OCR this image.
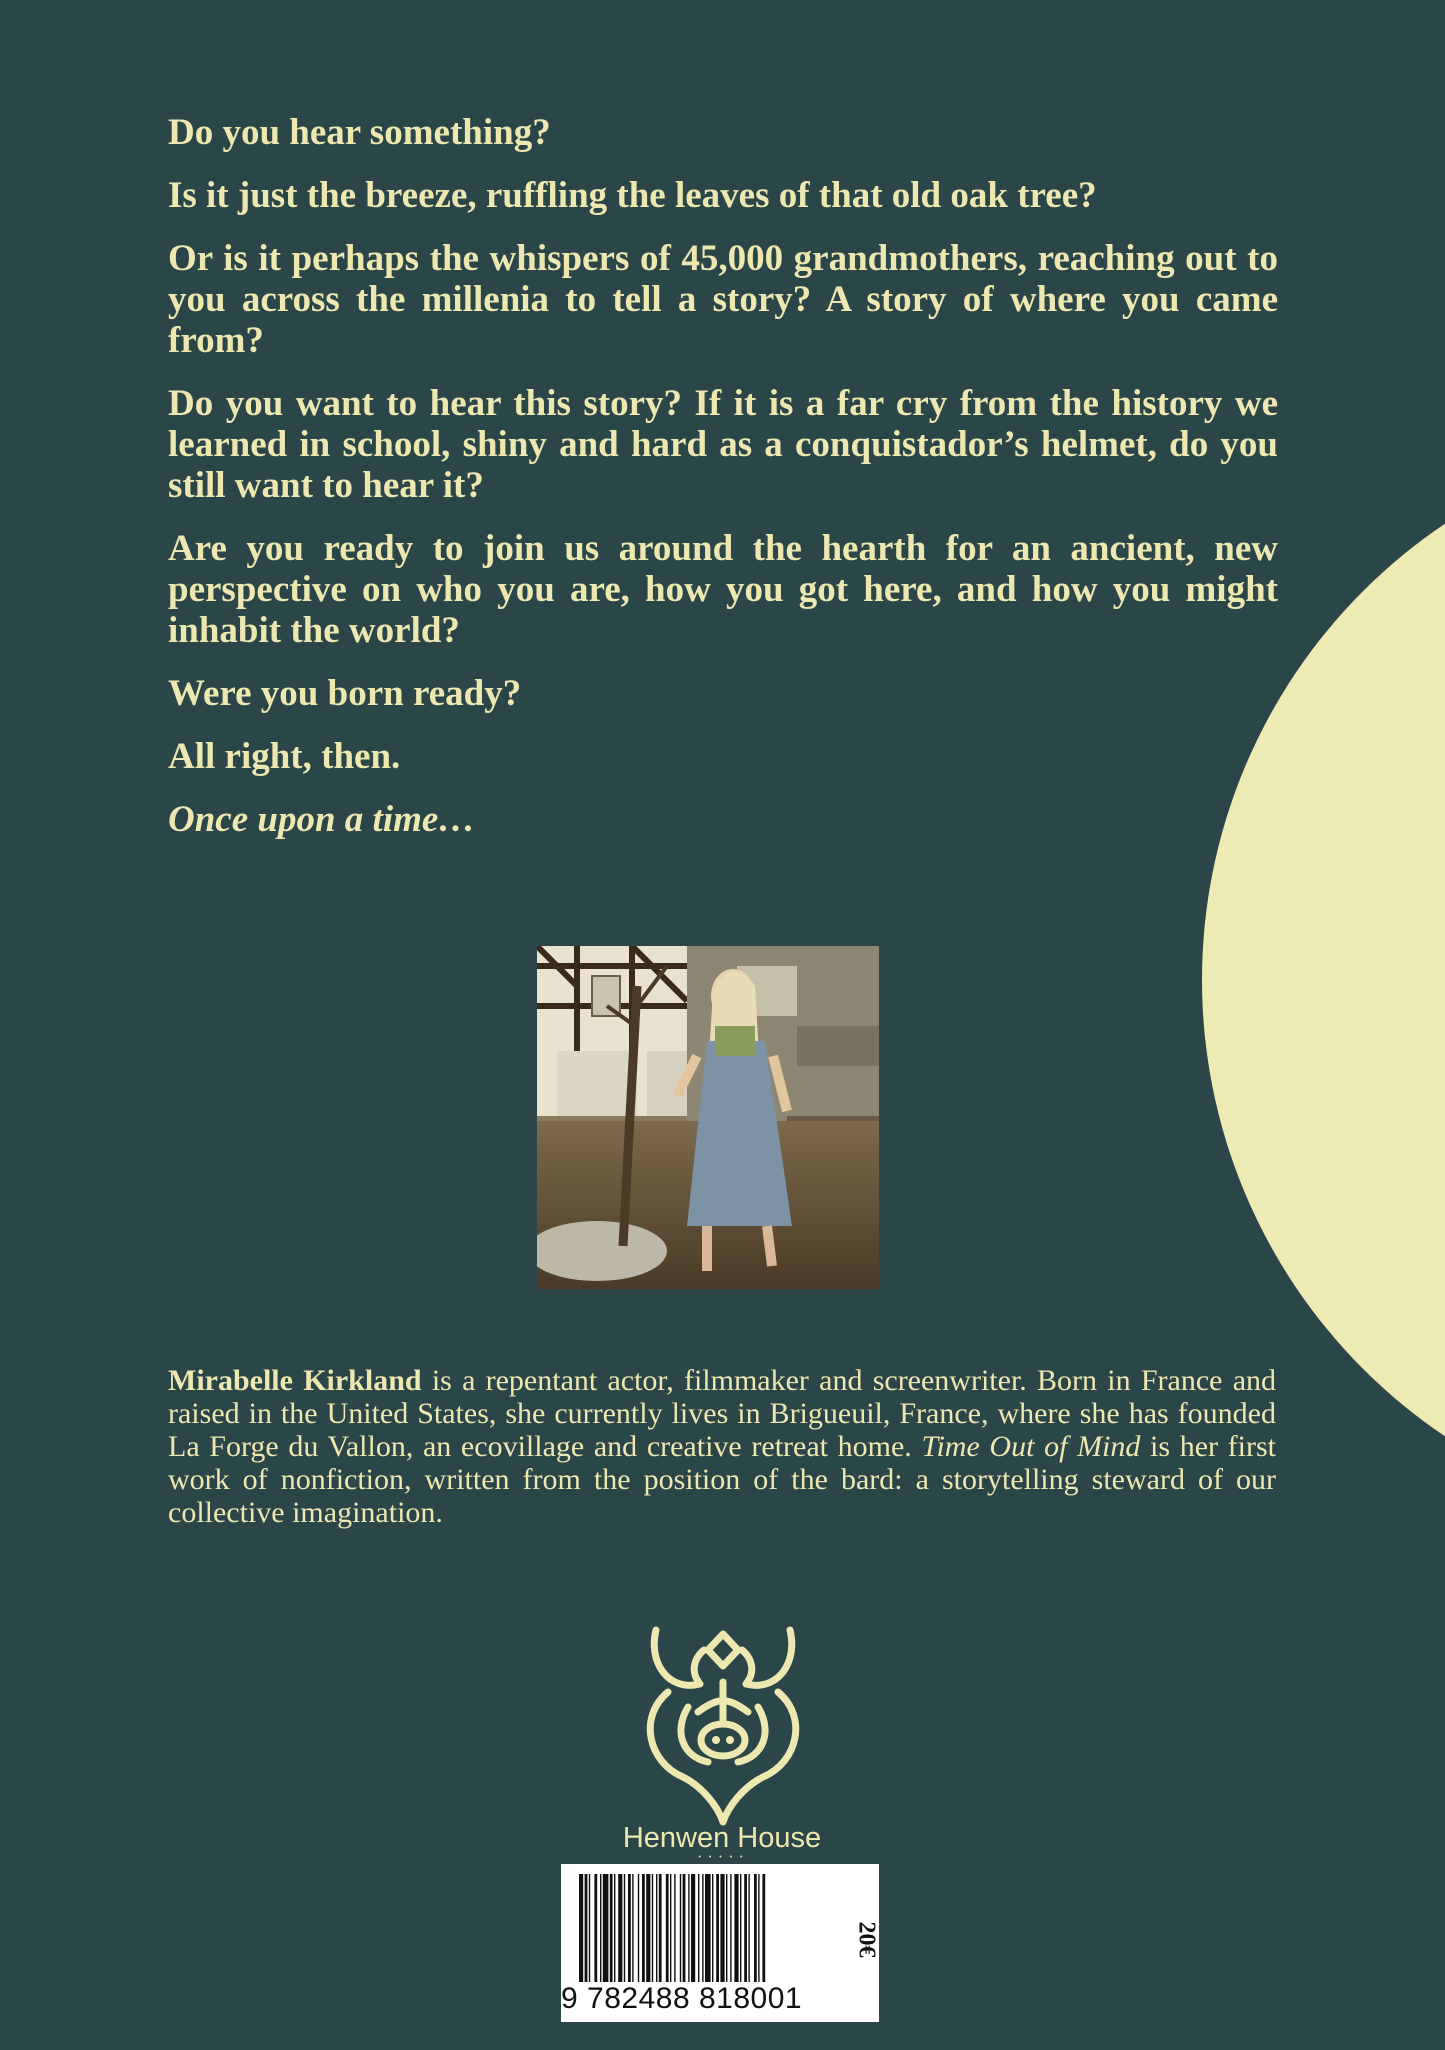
Do you hear something?

Is it just the breeze, ruffling the leaves of that old oak tree?

Or is it perhaps the whispers of 45,000 grandmothers, reaching out to you across the millenia to tell a story? A story of where you came from?

Do you want to hear this story? If it is a far cry from the history we learned in school, shiny and hard as a conquistador’s helmet, do you still want to hear it?

Are you ready to join us around the hearth for an ancient, new perspective on who you are, how you got here, and how you might inhabit the world?

Were you born ready?

All right, then.

Once upon a time…

Mirabelle Kirkland is a repentant actor, filmmaker and screenwriter. Born in France and raised in the United States, she currently lives in Brigueuil, France, where she has founded La Forge du Vallon, an ecovillage and creative retreat home. Time Out of Mind is her first work of nonfiction, written from the position of the bard: a storytelling steward of our collective imagination.

Henwen House
• • • • •
9 782488 818001
20€
